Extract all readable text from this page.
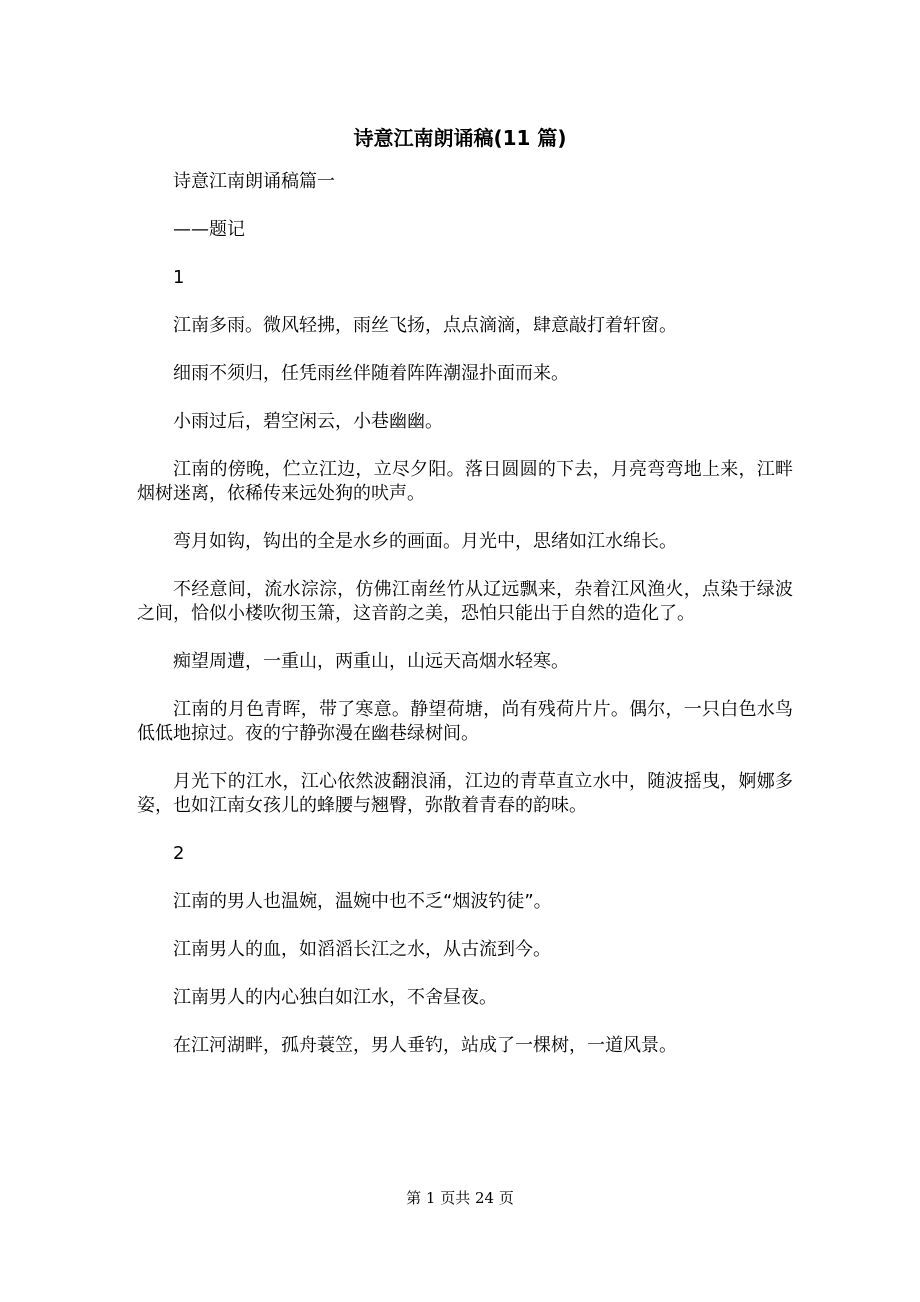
诗意江南朗诵稿(11 篇)

诗意江南朗诵稿篇一

——题记

1

江南多雨。微风轻拂，雨丝飞扬，点点滴滴，肆意敲打着轩窗。

细雨不须归，任凭雨丝伴随着阵阵潮湿扑面而来。

小雨过后，碧空闲云，小巷幽幽。

江南的傍晚，伫立江边，立尽夕阳。落日圆圆的下去，月亮弯弯地上来，江畔烟树迷离，依稀传来远处狗的吠声。

弯月如钩，钩出的全是水乡的画面。月光中，思绪如江水绵长。

不经意间，流水淙淙，仿佛江南丝竹从辽远飘来，杂着江风渔火，点染于绿波之间，恰似小楼吹彻玉箫，这音韵之美，恐怕只能出于自然的造化了。

痴望周遭，一重山，两重山，山远天高烟水轻寒。

江南的月色青晖，带了寒意。静望荷塘，尚有残荷片片。偶尔，一只白色水鸟低低地掠过。夜的宁静弥漫在幽巷绿树间。

月光下的江水，江心依然波翻浪涌，江边的青草直立水中，随波摇曳，婀娜多姿，也如江南女孩儿的蜂腰与翘臀，弥散着青春的韵味。

2

江南的男人也温婉，温婉中也不乏“烟波钓徒”。

江南男人的血，如滔滔长江之水，从古流到今。

江南男人的内心独白如江水，不舍昼夜。

在江河湖畔，孤舟蓑笠，男人垂钓，站成了一棵树，一道风景。

第 1 页共 24 页
